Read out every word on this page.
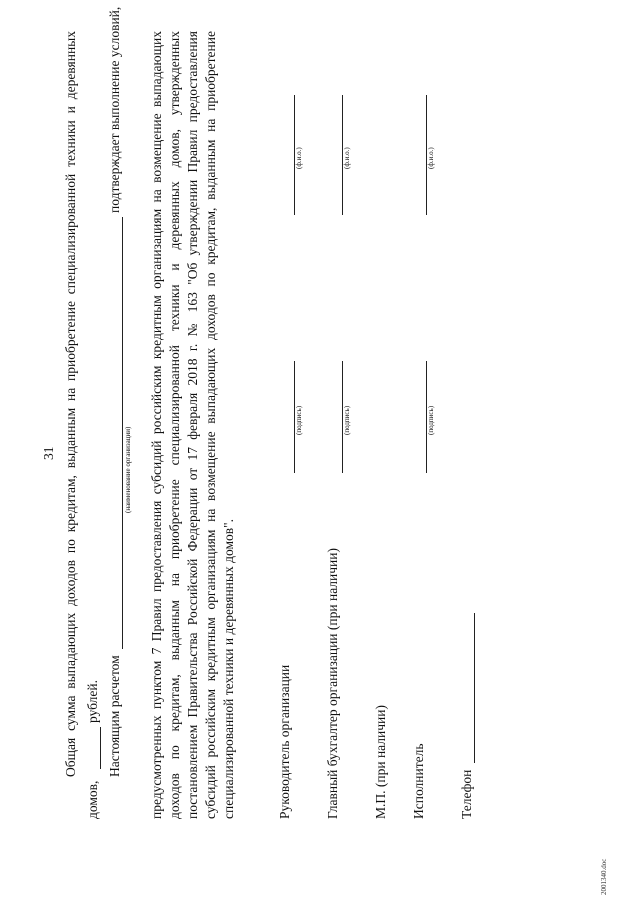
31 Общая сумма выпадающих доходов по кредитам, выданным на приобретение специализированной техники и деревянных
домов,
рублей. Настоящим расчетом
подтверждает выполнение условий,
(наименование организации) предусмотренных пунктом 7 Правил предоставления субсидий российским кредитным организациям на возмещение выпадающих доходов по кредитам, выданным на приобретение специализированной техники и деревянных домов, утвержденных постановлением Правительства Российской Федерации от 17 февраля 2018 г. № 163 "Об утверждении Правил предоставления субсидий российским кредитным организациям на возмещение выпадающих доходов по кредитам, выданным на приобретение специализированной техники и деревянных домов".	Руководитель организации
(подпись)
(ф.и.о.)
Главный бухгалтер организации (при наличии)
(подпись)
(ф.и.о.)
М.П. (при наличии) Исполнитель
(подпись)
(ф.и.о.)
Телефон
2001340.doc
